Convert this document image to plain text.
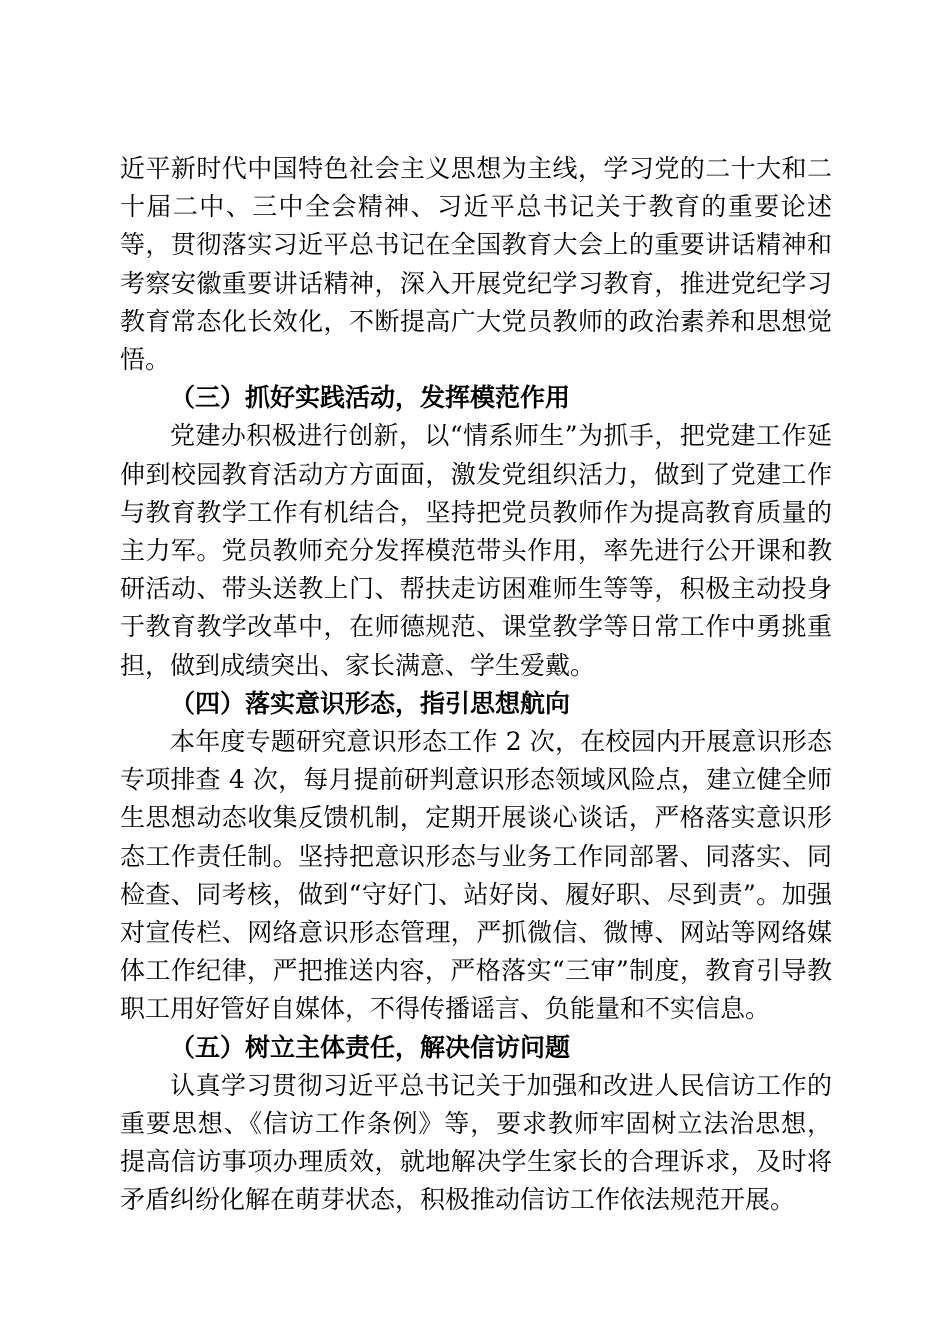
近平新时代中国特色社会主义思想为主线，学习党的二十大和二十届二中、三中全会精神、习近平总书记关于教育的重要论述等，贯彻落实习近平总书记在全国教育大会上的重要讲话精神和考察安徽重要讲话精神，深入开展党纪学习教育，推进党纪学习教育常态化长效化，不断提高广大党员教师的政治素养和思想觉悟。

（三）抓好实践活动，发挥模范作用

党建办积极进行创新，以“情系师生”为抓手，把党建工作延伸到校园教育活动方方面面，激发党组织活力，做到了党建工作与教育教学工作有机结合，坚持把党员教师作为提高教育质量的主力军。党员教师充分发挥模范带头作用，率先进行公开课和教研活动、带头送教上门、帮扶走访困难师生等等，积极主动投身于教育教学改革中，在师德规范、课堂教学等日常工作中勇挑重担，做到成绩突出、家长满意、学生爱戴。

（四）落实意识形态，指引思想航向

本年度专题研究意识形态工作 2 次，在校园内开展意识形态专项排查 4 次，每月提前研判意识形态领域风险点，建立健全师生思想动态收集反馈机制，定期开展谈心谈话，严格落实意识形态工作责任制。坚持把意识形态与业务工作同部署、同落实、同检查、同考核，做到“守好门、站好岗、履好职、尽到责”。加强对宣传栏、网络意识形态管理，严抓微信、微博、网站等网络媒体工作纪律，严把推送内容，严格落实“三审”制度，教育引导教职工用好管好自媒体，不得传播谣言、负能量和不实信息。

（五）树立主体责任，解决信访问题

认真学习贯彻习近平总书记关于加强和改进人民信访工作的重要思想、《信访工作条例》等，要求教师牢固树立法治思想，提高信访事项办理质效，就地解决学生家长的合理诉求，及时将矛盾纠纷化解在萌芽状态，积极推动信访工作依法规范开展。
